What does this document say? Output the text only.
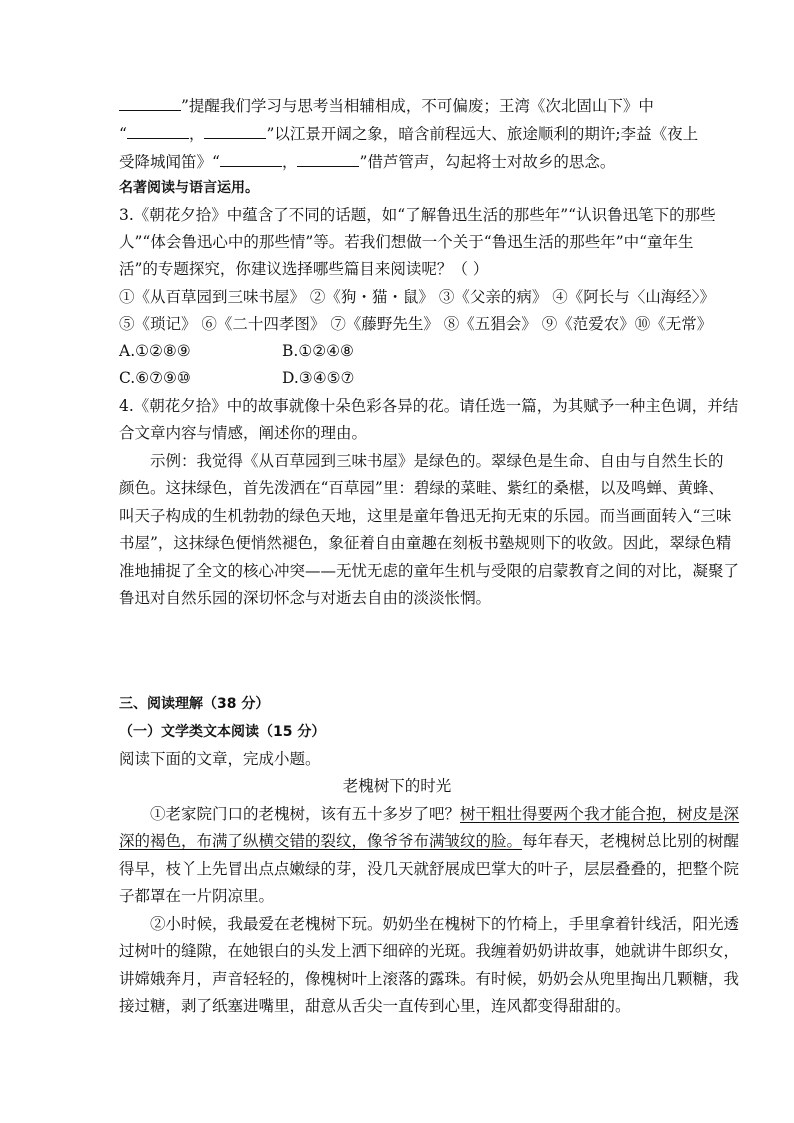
”提醒我们学习与思考当相辅相成，不可偏废；王湾《次北固山下》中
“	，	”以江景开阔之象，暗含前程远大、旅途顺利的期许;李益《夜上
受降城闻笛》“	，	”借芦管声，勾起将士对故乡的思念。
名著阅读与语言运用。
3.《朝花夕拾》中蕴含了不同的话题，如“了解鲁迅生活的那些年”“认识鲁迅笔下的那些
人”“体会鲁迅心中的那些情”等。若我们想做一个关于“鲁迅生活的那些年”中“童年生
活”的专题探究，你建议选择哪些篇目来阅读呢？（ ）
①《从百草园到三味书屋》 ②《狗・猫・鼠》 ③《父亲的病》 ④《阿长与〈山海经〉》
⑤《琐记》 ⑥《二十四孝图》 ⑦《藤野先生》 ⑧《五猖会》 ⑨《范爱农》⑩《无常》
A.①②⑧⑨	B.①②④⑧
C.⑥⑦⑨⑩	D.③④⑤⑦
4.《朝花夕拾》中的故事就像十朵色彩各异的花。请任选一篇，为其赋予一种主色调，并结
合文章内容与情感，阐述你的理由。
　　示例：我觉得《从百草园到三味书屋》是绿色的。翠绿色是生命、自由与自然生长的
颜色。这抹绿色，首先泼洒在“百草园”里：碧绿的菜畦、紫红的桑椹，以及鸣蝉、黄蜂、
叫天子构成的生机勃勃的绿色天地，这里是童年鲁迅无拘无束的乐园。而当画面转入“三味
书屋”，这抹绿色便悄然褪色，象征着自由童趣在刻板书塾规则下的收敛。因此，翠绿色精
准地捕捉了全文的核心冲突——无忧无虑的童年生机与受限的启蒙教育之间的对比，凝聚了
鲁迅对自然乐园的深切怀念与对逝去自由的淡淡怅惘。
三、阅读理解（38 分）
（一）文学类文本阅读（15 分）
阅读下面的文章，完成小题。
老槐树下的时光
　　①老家院门口的老槐树，该有五十多岁了吧？树干粗壮得要两个我才能合抱，树皮是深
深的褐色，布满了纵横交错的裂纹，像爷爷布满皱纹的脸。每年春天，老槐树总比别的树醒
得早，枝丫上先冒出点点嫩绿的芽，没几天就舒展成巴掌大的叶子，层层叠叠的，把整个院
子都罩在一片阴凉里。
　　②小时候，我最爱在老槐树下玩。奶奶坐在槐树下的竹椅上，手里拿着针线活，阳光透
过树叶的缝隙，在她银白的头发上洒下细碎的光斑。我缠着奶奶讲故事，她就讲牛郎织女，
讲嫦娥奔月，声音轻轻的，像槐树叶上滚落的露珠。有时候，奶奶会从兜里掏出几颗糖，我
接过糖，剥了纸塞进嘴里，甜意从舌尖一直传到心里，连风都变得甜甜的。
